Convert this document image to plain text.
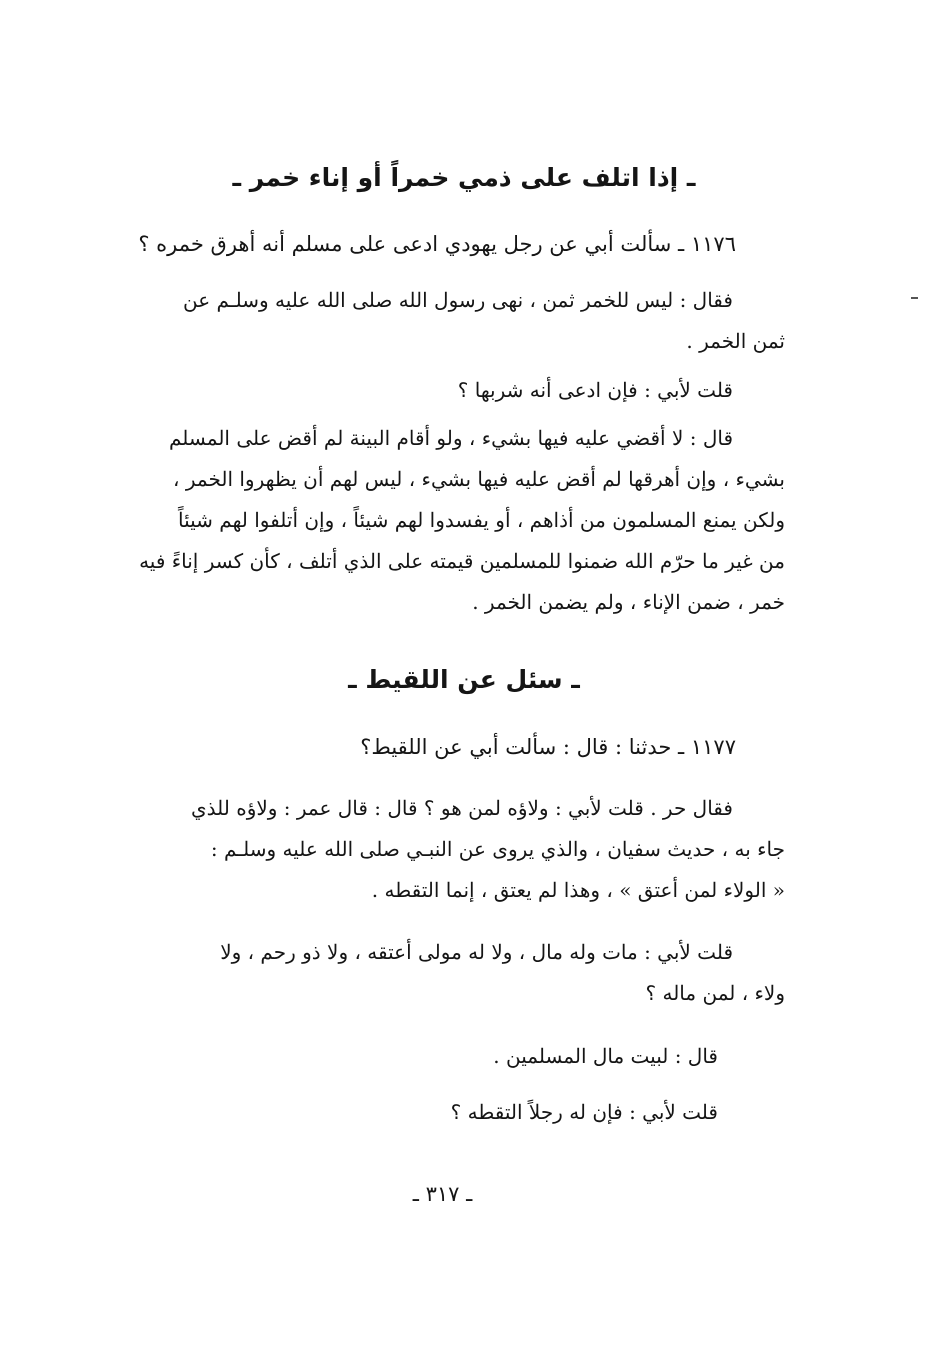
ـ إذا اتلف على ذمي خمراً أو إناء خمر ـ
١١٧٦ ـ سألت أبي عن رجل يهودي ادعى على مسلم أنه أهرق خمره ؟
فقال : ليس للخمر ثمن ، نهى رسول الله صلى الله عليه وسلـم عن
ثمن الخمر .
قلت لأبي : فإن ادعى أنه شربها ؟
قال : لا أقضي عليه فيها بشيء ، ولو أقام البينة لم أقض على المسلم
بشيء ، وإن أهرقها لم أقض عليه فيها بشيء ، ليس لهم أن يظهروا الخمر ،
ولكن يمنع المسلمون من أذاهم ، أو يفسدوا لهم شيئاً ، وإن أتلفوا لهم شيئاً
من غير ما حرّم الله ضمنوا للمسلمين قيمته على الذي أتلف ، كأن كسر إناءً فيه
خمر ، ضمن الإناء ، ولم يضمن الخمر .
ـ سئل عن اللقيط ـ
١١٧٧ ـ حدثنا : قال : سألت أبي عن اللقيط؟
فقال حر . قلت لأبي : ولاؤه لمن هو ؟ قال : قال عمر : ولاؤه للذي
جاء به ، حديث سفيان ، والذي يروى عن النبـي صلى الله عليه وسلـم :
« الولاء لمن أعتق » ، وهذا لم يعتق ، إنما التقطه .
قلت لأبي : مات وله مال ، ولا له مولى أعتقه ، ولا ذو رحم ، ولا
ولاء ، لمن ماله ؟
قال : لبيت مال المسلمين .
قلت لأبي : فإن له رجلاً التقطه ؟
ـ ٣١٧ ـ
